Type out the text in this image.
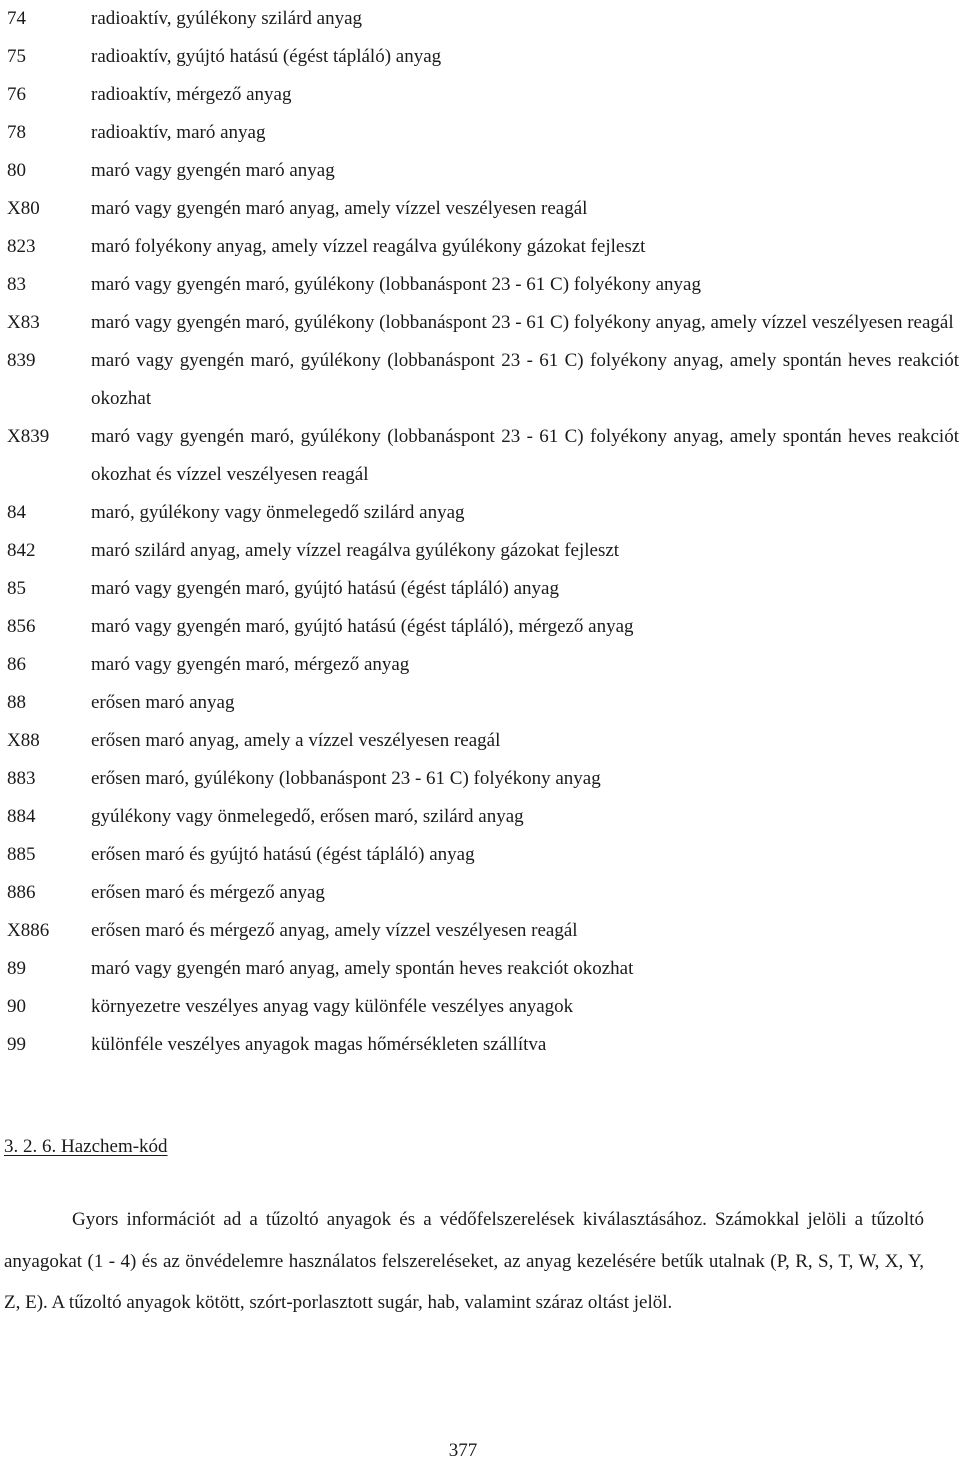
74	radioaktív, gyúlékony szilárd anyag
75	radioaktív, gyújtó hatású (égést tápláló) anyag
76	radioaktív, mérgező anyag
78	radioaktív, maró anyag
80	maró vagy gyengén maró anyag
X80	maró vagy gyengén maró anyag, amely vízzel veszélyesen reagál
823	maró folyékony anyag, amely vízzel reagálva gyúlékony gázokat fejleszt
83	maró vagy gyengén maró, gyúlékony (lobbanáspont 23 - 61 C) folyékony anyag
X83	maró vagy gyengén maró, gyúlékony (lobbanáspont 23 - 61 C) folyékony anyag, amely vízzel veszélyesen reagál
839	maró vagy gyengén maró, gyúlékony (lobbanáspont 23 - 61 C) folyékony anyag, amely spontán heves reakciót okozhat
X839 maró vagy gyengén maró, gyúlékony (lobbanáspont 23 - 61 C) folyékony anyag, amely spontán heves reakciót okozhat és vízzel veszélyesen reagál
84	maró, gyúlékony vagy önmelegedő szilárd anyag
842	maró szilárd anyag, amely vízzel reagálva gyúlékony gázokat fejleszt
85	maró vagy gyengén maró, gyújtó hatású (égést tápláló) anyag
856	maró vagy gyengén maró, gyújtó hatású (égést tápláló), mérgező anyag
86	maró vagy gyengén maró, mérgező anyag
88	erősen maró anyag
X88	erősen maró anyag, amely a vízzel veszélyesen reagál
883	erősen maró, gyúlékony (lobbanáspont 23 - 61 C) folyékony anyag
884	gyúlékony vagy önmelegedő, erősen maró, szilárd anyag
885	erősen maró és gyújtó hatású (égést tápláló) anyag
886	erősen maró és mérgező anyag
X886 erősen maró és mérgező anyag, amely vízzel veszélyesen reagál
89	maró vagy gyengén maró anyag, amely spontán heves reakciót okozhat
90	környezetre veszélyes anyag vagy különféle veszélyes anyagok
99	különféle veszélyes anyagok magas hőmérsékleten szállítva
3. 2. 6. Hazchem-kód

Gyors információt ad a tűzoltó anyagok és a védőfelszerelések kiválasztásához. Számokkal jelöli a tűzoltó anyagokat (1 - 4) és az önvédelemre használatos felszereléseket, az anyag kezelésére betűk utalnak (P, R, S, T, W, X, Y, Z, E). A tűzoltó anyagok kötött, szórt-porlasztott sugár, hab, valamint száraz oltást jelöl.

377
